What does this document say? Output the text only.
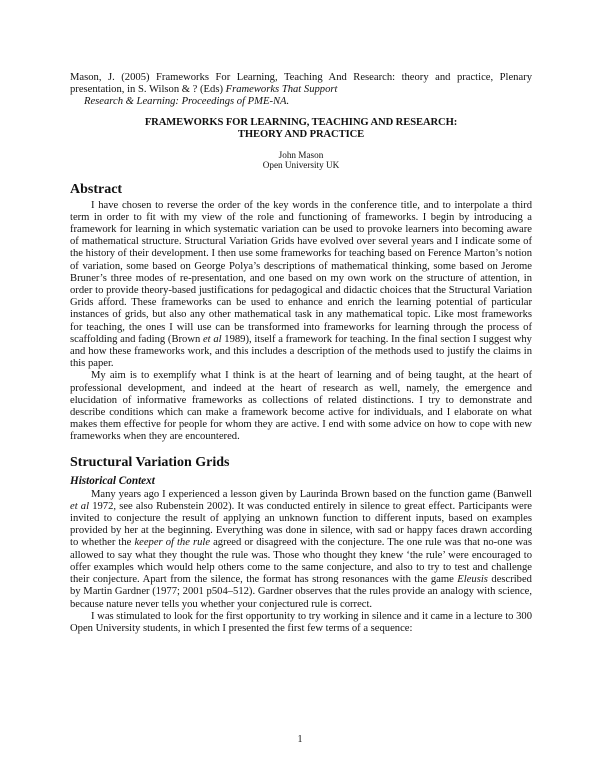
Mason, J. (2005) Frameworks For Learning, Teaching And Research: theory and practice, Plenary presentation, in S. Wilson & ? (Eds) Frameworks That Support
Research & Learning: Proceedings of PME-NA.

FRAMEWORKS FOR LEARNING, TEACHING AND RESEARCH:
THEORY AND PRACTICE
John Mason
Open University UK
Abstract

I have chosen to reverse the order of the key words in the conference title, and to interpolate a third term in order to fit with my view of the role and functioning of frameworks. I begin by introducing a framework for learning in which systematic variation can be used to provoke learners into becoming aware of mathematical structure. Structural Variation Grids have evolved over several years and I indicate some of the history of their development. I then use some frameworks for teaching based on Ference Marton’s notion of variation, some based on George Polya’s descriptions of mathematical thinking, some based on Jerome Bruner’s three modes of re-presentation, and one based on my own work on the structure of attention, in order to provide theory-based justifications for pedagogical and didactic choices that the Structural Variation Grids afford. These frameworks can be used to enhance and enrich the learning potential of particular instances of grids, but also any other mathematical task in any mathematical topic. Like most frameworks for teaching, the ones I will use can be transformed into frameworks for learning through the process of scaffolding and fading (Brown et al 1989), itself a framework for teaching. In the final section I suggest why and how these frameworks work, and this includes a description of the methods used to justify the claims in this paper.

My aim is to exemplify what I think is at the heart of learning and of being taught, at the heart of professional development, and indeed at the heart of research as well, namely, the emergence and elucidation of informative frameworks as collections of related distinctions. I try to demonstrate and describe conditions which can make a framework become active for individuals, and I elaborate on what makes them effective for people for whom they are active. I end with some advice on how to cope with new frameworks when they are encountered.

Structural Variation Grids
Historical Context

Many years ago I experienced a lesson given by Laurinda Brown based on the function game (Banwell et al 1972, see also Rubenstein 2002). It was conducted entirely in silence to great effect. Participants were invited to conjecture the result of applying an unknown function to different inputs, based on examples provided by her at the beginning. Everything was done in silence, with sad or happy faces drawn according to whether the keeper of the rule agreed or disagreed with the conjecture. The one rule was that no-one was allowed to say what they thought the rule was. Those who thought they knew ‘the rule’ were encouraged to offer examples which would help others come to the same conjecture, and also to try to test and challenge their conjecture. Apart from the silence, the format has strong resonances with the game Eleusis described by Martin Gardner (1977; 2001 p504–512). Gardner observes that the rules provide an analogy with science, because nature never tells you whether your conjectured rule is correct.

I was stimulated to look for the first opportunity to try working in silence and it came in a lecture to 300 Open University students, in which I presented the first few terms of a sequence:

1
